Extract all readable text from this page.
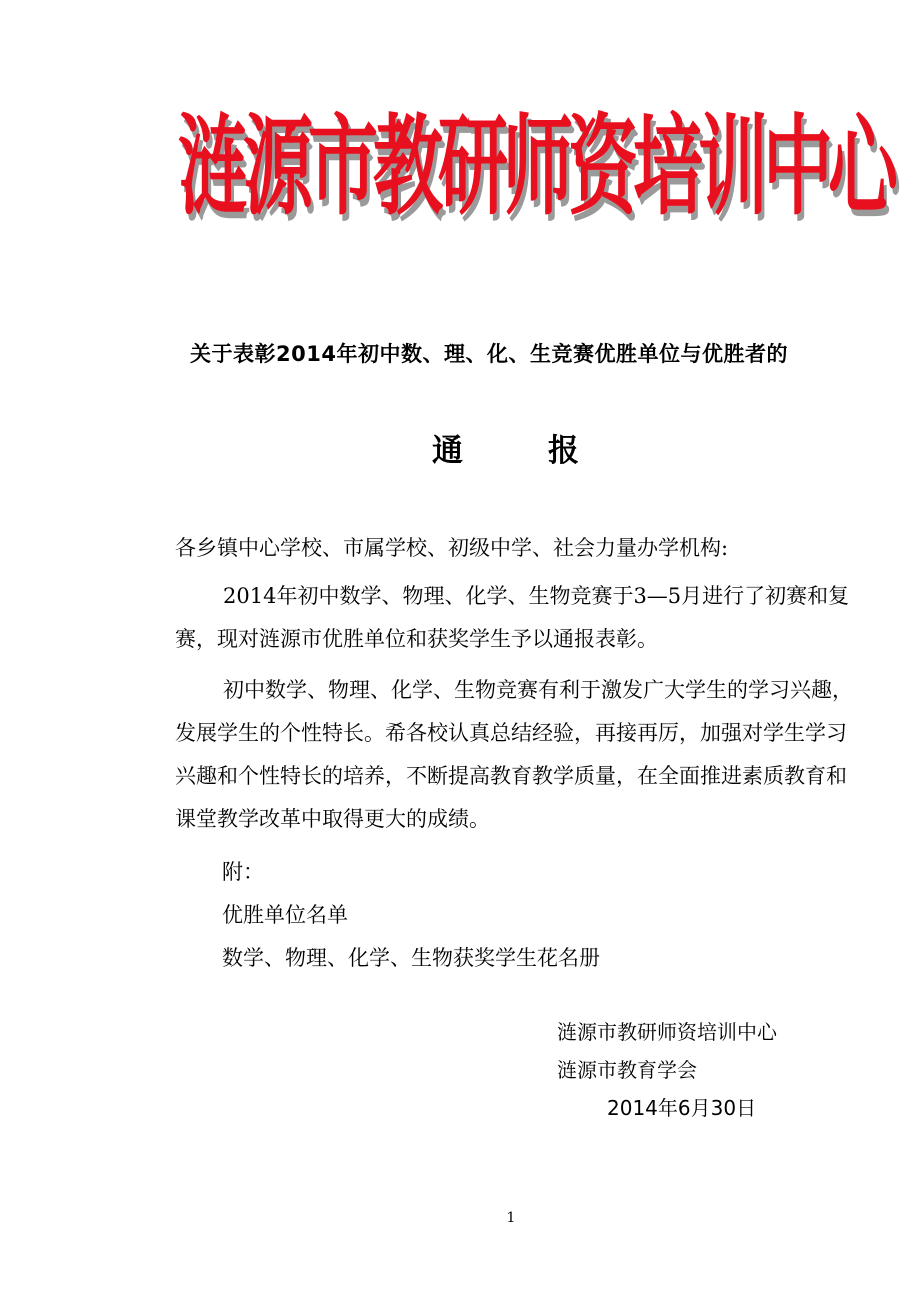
涟源市教研师资培训中心

关于表彰2014年初中数、理、化、生竞赛优胜单位与优胜者的

通	报

各乡镇中心学校、市属学校、初级中学、社会力量办学机构:

2014年初中数学、物理、化学、生物竞赛于3—5月进行了初赛和复赛，现对涟源市优胜单位和获奖学生予以通报表彰。

初中数学、物理、化学、生物竞赛有利于激发广大学生的学习兴趣，发展学生的个性特长。希各校认真总结经验，再接再厉，加强对学生学习兴趣和个性特长的培养，不断提高教育教学质量，在全面推进素质教育和课堂教学改革中取得更大的成绩。

附：

优胜单位名单

数学、物理、化学、生物获奖学生花名册

涟源市教研师资培训中心

涟源市教育学会

2014年6月30日

1
